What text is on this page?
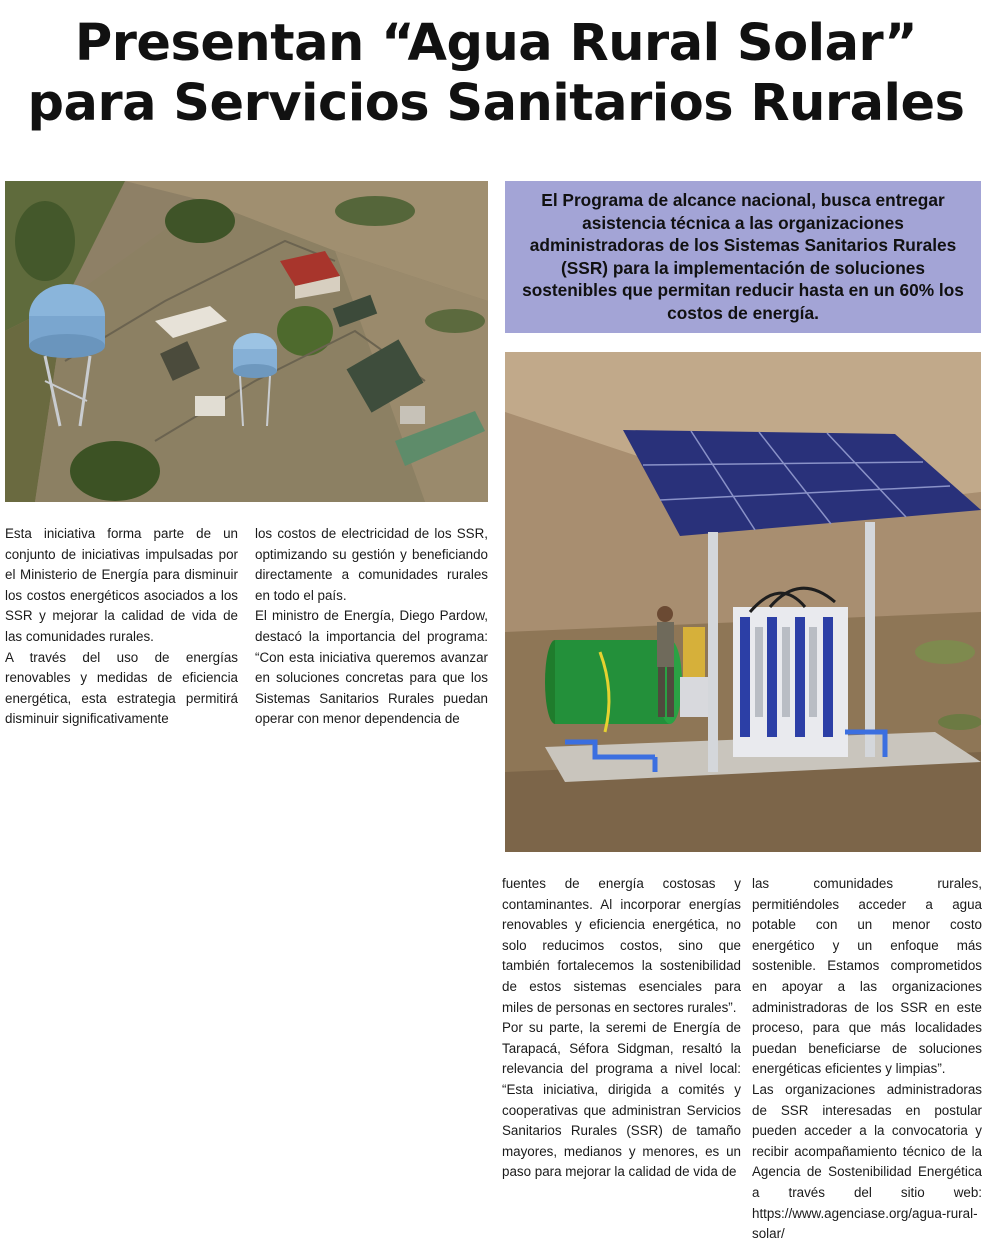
Presentan “Agua Rural Solar”
para Servicios Sanitarios Rurales
El Programa de alcance nacional, busca entregar asistencia técnica a las organizaciones administradoras de los Sistemas Sanitarios Rurales (SSR) para la implementación de soluciones sostenibles que permitan reducir hasta en un 60% los costos de energía.

Esta iniciativa forma parte de un conjunto de iniciativas impulsadas por el Ministerio de Energía para disminuir los costos energéticos asociados a los SSR y mejorar la calidad de vida de las comunidades rurales.

A través del uso de energías renovables y medidas de eficiencia energética, esta estrategia permitirá disminuir significativamente

los costos de electricidad de los SSR, optimizando su gestión y beneficiando directamente a comunidades rurales en todo el país.

El ministro de Energía, Diego Pardow, destacó la importancia del programa: “Con esta iniciativa queremos avanzar en soluciones concretas para que los Sistemas Sanitarios Rurales puedan operar con menor dependencia de

fuentes de energía costosas y contaminantes. Al incorporar energías renovables y eficiencia energética, no solo reducimos costos, sino que también fortalecemos la sostenibilidad de estos sistemas esenciales para miles de personas en sectores rurales”.

Por su parte, la seremi de Energía de Tarapacá, Séfora Sidgman, resaltó la relevancia del programa a nivel local: “Esta iniciativa, dirigida a comités y cooperativas que administran Servicios Sanitarios Rurales (SSR) de tamaño mayores, medianos y menores, es un paso para mejorar la calidad de vida de

las comunidades rurales, permitiéndoles acceder a agua potable con un menor costo energético y un enfoque más sostenible. Estamos comprometidos en apoyar a las organizaciones administradoras de los SSR en este proceso, para que más localidades puedan beneficiarse de soluciones energéticas eficientes y limpias”.

Las organizaciones administradoras de SSR interesadas en postular pueden acceder a la convocatoria y recibir acompañamiento técnico de la Agencia de Sostenibilidad Energética a través del sitio web: https://www.agenciase.org/agua-rural-solar/
